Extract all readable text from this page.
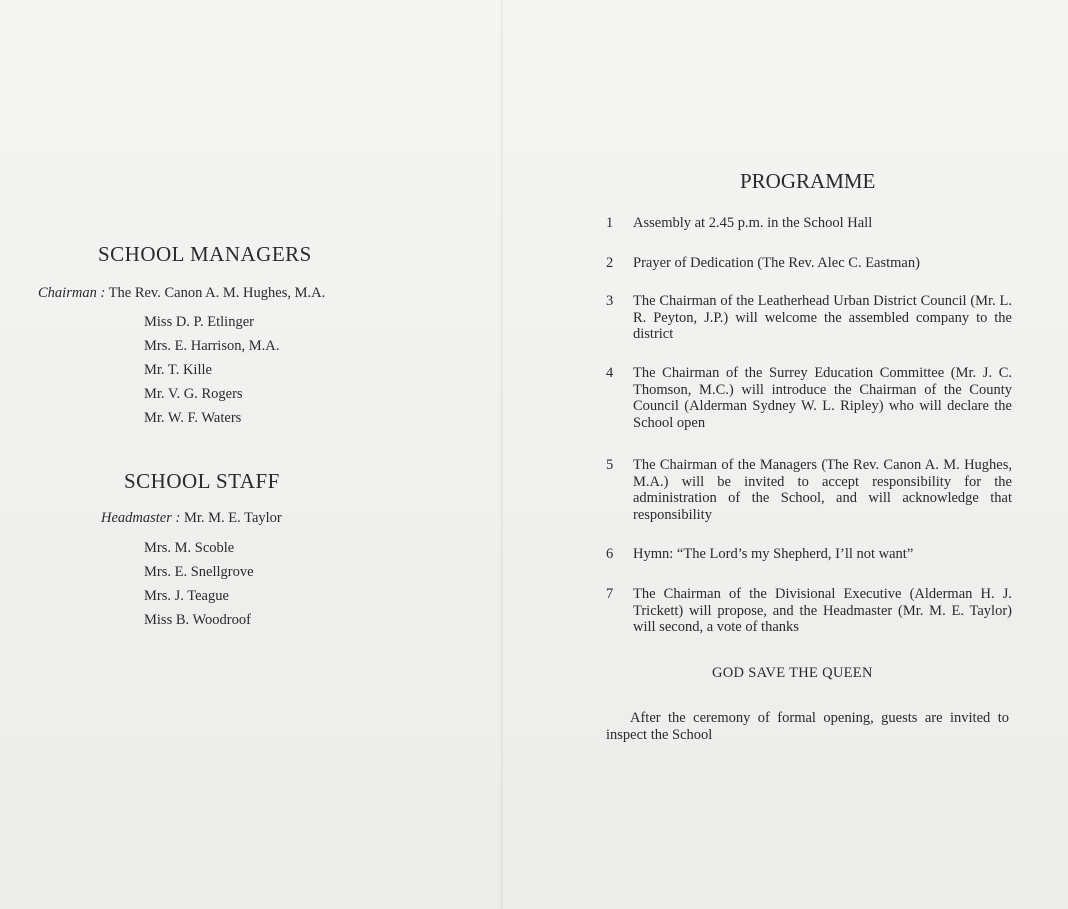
SCHOOL MANAGERS
Chairman : The Rev. Canon A. M. Hughes, M.A.
Miss D. P. Etlinger
Mrs. E. Harrison, M.A.
Mr. T. Kille
Mr. V. G. Rogers
Mr. W. F. Waters
SCHOOL STAFF
Headmaster : Mr. M. E. Taylor
Mrs. M. Scoble
Mrs. E. Snellgrove
Mrs. J. Teague
Miss B. Woodroof
PROGRAMME
1	Assembly at 2.45 p.m. in the School Hall
2	Prayer of Dedication (The Rev. Alec C. Eastman)
3	The Chairman of the Leatherhead Urban District Council (Mr. L. R. Peyton, J.P.) will welcome the assembled company to the district
4	The Chairman of the Surrey Education Committee (Mr. J. C. Thomson, M.C.) will introduce the Chairman of the County Council (Alderman Sydney W. L. Ripley) who will declare the School open
5	The Chairman of the Managers (The Rev. Canon A. M. Hughes, M.A.) will be invited to accept responsibility for the administration of the School, and will acknowledge that responsibility
6	Hymn: “The Lord’s my Shepherd, I’ll not want”
7	The Chairman of the Divisional Executive (Alderman H. J. Trickett) will propose, and the Headmaster (Mr. M. E. Taylor) will second, a vote of thanks
GOD SAVE THE QUEEN
After the ceremony of formal opening, guests are invited to inspect the School
